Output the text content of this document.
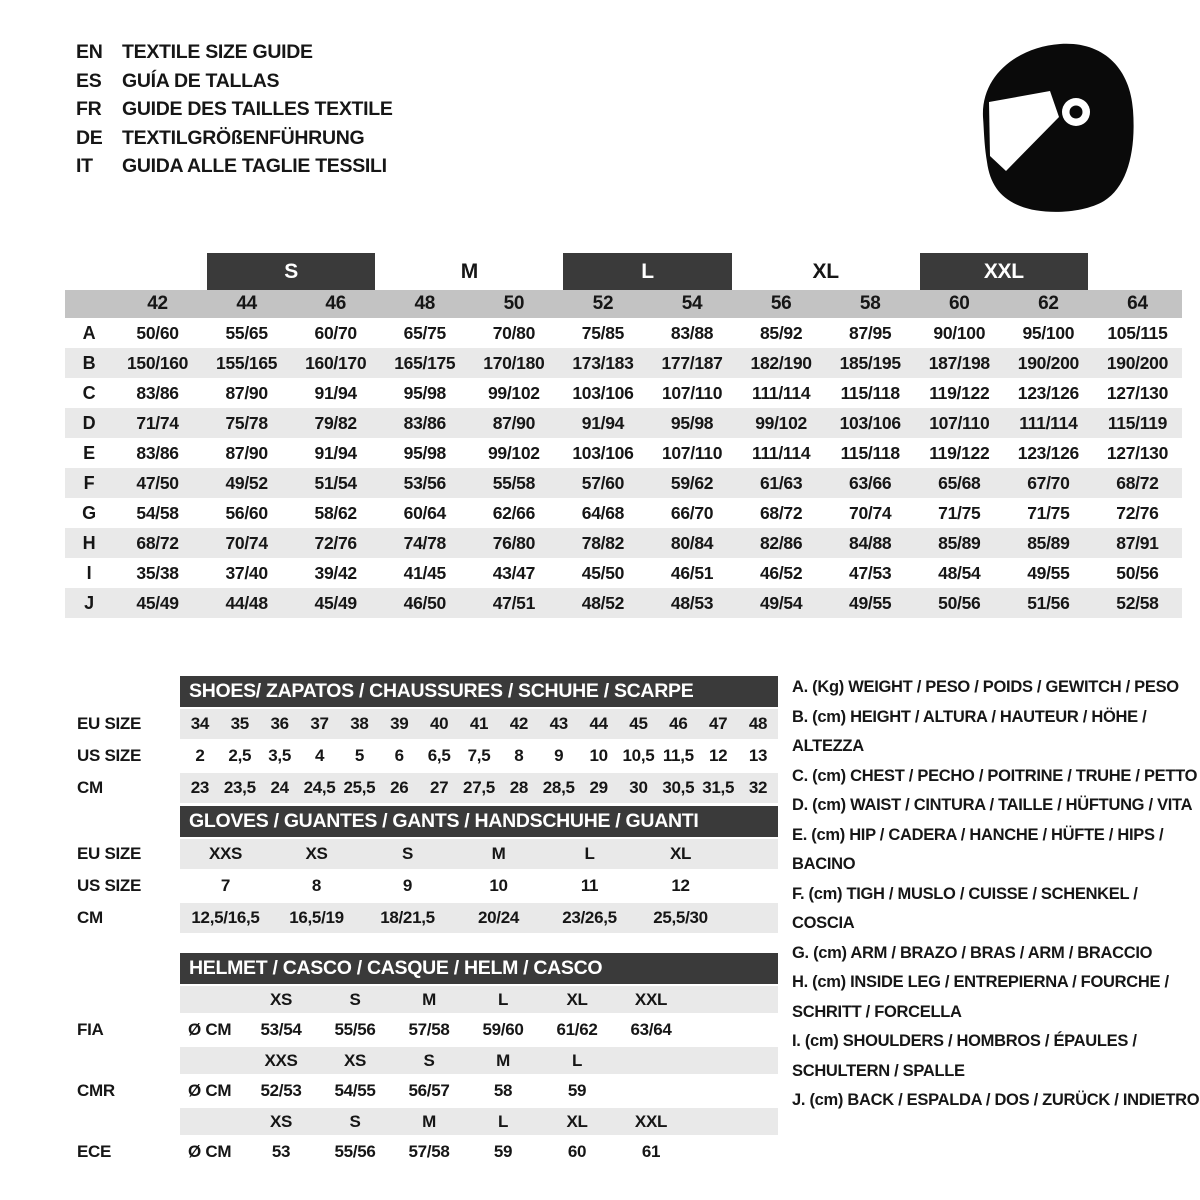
EN	TEXTILE SIZE GUIDE
ES	GUÍA DE TALLAS
FR	GUIDE DES TAILLES TEXTILE
DE	TEXTILGRÖßENFÜHRUNG
IT	GUIDA ALLE TAGLIE TESSILI
S	M	L	XL	XXL
42	44	46	48	50	52	54	56	58	60	62	64
A	50/60	55/65	60/70	65/75	70/80	75/85	83/88	85/92	87/95	90/100	95/100	105/115
B	150/160	155/165	160/170	165/175	170/180	173/183	177/187	182/190	185/195	187/198	190/200	190/200
C	83/86	87/90	91/94	95/98	99/102	103/106	107/110	111/114	115/118	119/122	123/126	127/130
D	71/74	75/78	79/82	83/86	87/90	91/94	95/98	99/102	103/106	107/110	111/114	115/119
E	83/86	87/90	91/94	95/98	99/102	103/106	107/110	111/114	115/118	119/122	123/126	127/130
F	47/50	49/52	51/54	53/56	55/58	57/60	59/62	61/63	63/66	65/68	67/70	68/72
G	54/58	56/60	58/62	60/64	62/66	64/68	66/70	68/72	70/74	71/75	71/75	72/76
H	68/72	70/74	72/76	74/78	76/80	78/82	80/84	82/86	84/88	85/89	85/89	87/91
I	35/38	37/40	39/42	41/45	43/47	45/50	46/51	46/52	47/53	48/54	49/55	50/56
J	45/49	44/48	45/49	46/50	47/51	48/52	48/53	49/54	49/55	50/56	51/56	52/58
SHOES/ ZAPATOS / CHAUSSURES / SCHUHE / SCARPE
EU SIZE	34	35	36	37	38	39	40	41	42	43	44	45	46	47	48
US SIZE	2	2,5	3,5	4	5	6	6,5	7,5	8	9	10 10,5 11,5 12	13
CM	23 23,5 24 24,5 25,5 26	27 27,5 28 28,5 29	30 30,5 31,5 32
GLOVES / GUANTES / GANTS / HANDSCHUHE / GUANTI
EU SIZE	XXS	XS	S	M	L	XL
US SIZE	7	8	9	10	11	12
CM	12,5/16,5	16,5/19	18/21,5	20/24	23/26,5	25,5/30
HELMET / CASCO / CASQUE / HELM / CASCO
XS	S	M	L	XL	XXL
FIA	Ø CM	53/54	55/56	57/58	59/60	61/62	63/64
XXS	XS	S	M	L
CMR	Ø CM	52/53	54/55	56/57	58	59
XS	S	M	L	XL	XXL
ECE	Ø CM	53	55/56	57/58	59	60	61
A. (Kg) WEIGHT / PESO / POIDS / GEWITCH / PESO
B. (cm) HEIGHT / ALTURA / HAUTEUR / HÖHE / ALTEZZA
C. (cm) CHEST / PECHO / POITRINE / TRUHE / PETTO
D. (cm) WAIST / CINTURA / TAILLE / HÜFTUNG / VITA
E. (cm) HIP / CADERA / HANCHE / HÜFTE / HIPS / BACINO
F. (cm) TIGH / MUSLO / CUISSE / SCHENKEL / COSCIA
G. (cm) ARM / BRAZO / BRAS / ARM / BRACCIO
H. (cm) INSIDE LEG / ENTREPIERNA / FOURCHE / SCHRITT / FORCELLA
I. (cm) SHOULDERS / HOMBROS / ÉPAULES / SCHULTERN / SPALLE
J. (cm) BACK / ESPALDA / DOS / ZURÜCK / INDIETRO
